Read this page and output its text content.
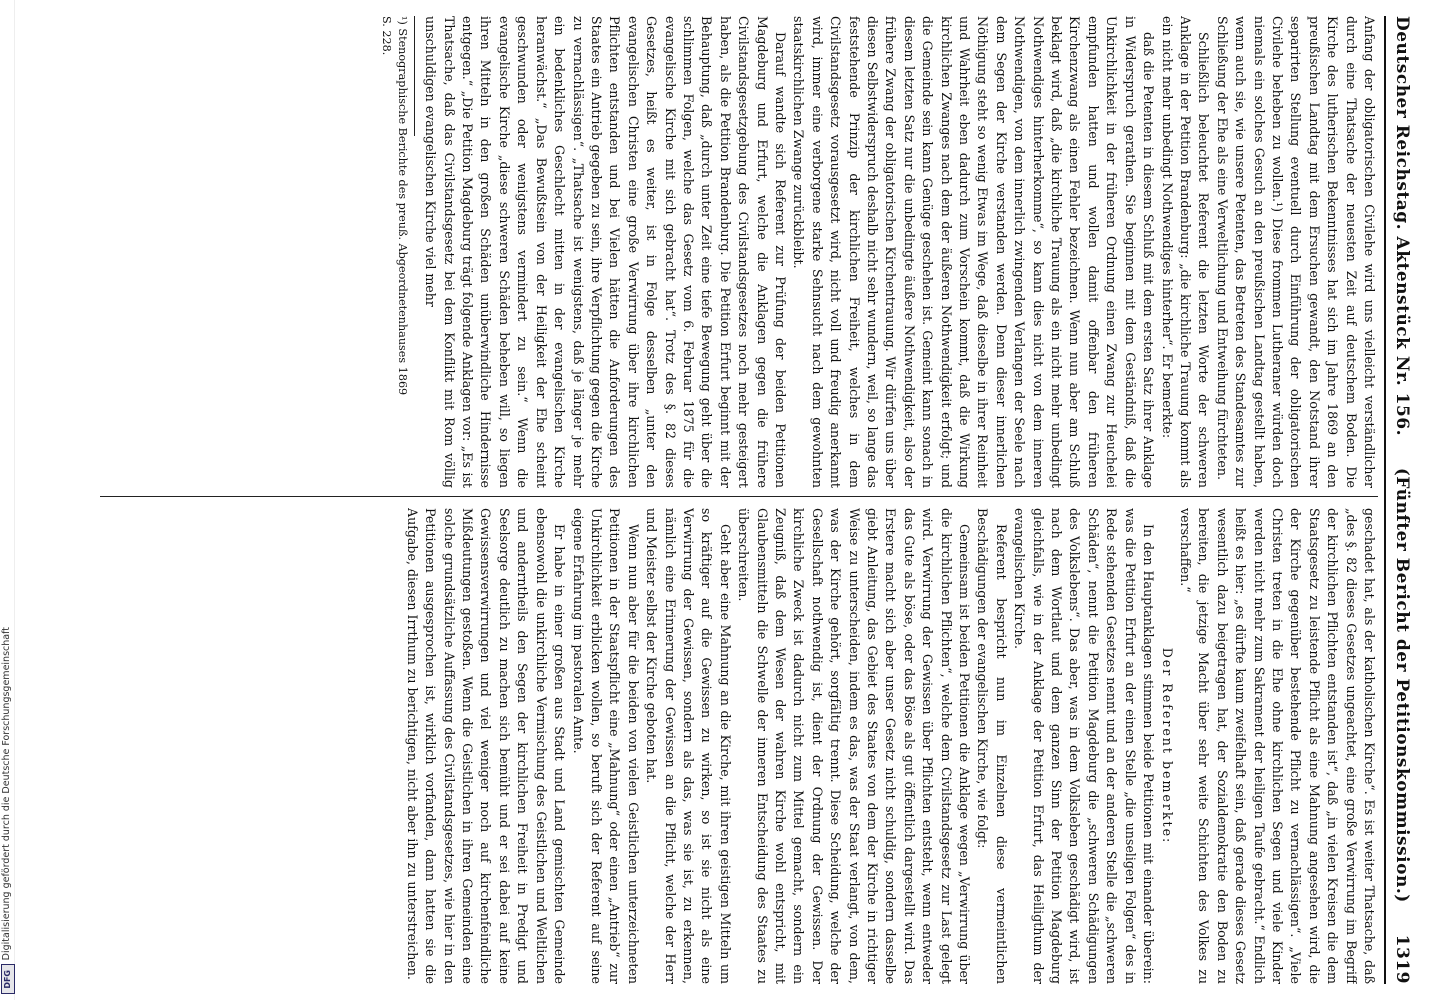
Deutscher Reichstag. Aktenstück Nr. 156.
(Fünfter Bericht der Petitionskommission.)
1319

Anfang der obligatorischen Civilehe wird uns vielleicht verständlicher durch eine Thatsache der neuesten Zeit auf deutschem Boden. Die Kirche des lutherischen Bekenntnisses hat sich im Jahre 1869 an den preußischen Landtag mit dem Ersuchen gewandt, den Notstand ihrer separirten Stellung eventuell durch Einführung der obligatorischen Civilehe beheben zu wollen.¹) Diese frommen Lutheraner würden doch niemals ein solches Gesuch an den preußischen Landtag gestellt haben, wenn auch sie, wie unsere Petenten, das Betreten des Standesamtes zur Schließung der Ehe als eine Verweltlichung und Entweihung fürchteten.

Schließlich beleuchtet Referent die letzten Worte der schweren Anklage in der Petition Brandenburg: „die kirchliche Trauung kommt als ein nicht mehr unbedingt Nothwendiges hinterher“. Er bemerkte:

daß die Petenten in diesem Schluß mit dem ersten Satz ihrer Anklage in Widerspruch gerathen. Sie beginnen mit dem Geständniß, daß die Unkirchlichkeit in der früheren Ordnung einen Zwang zur Heuchelei empfunden hatten und wollen damit offenbar den früheren Kirchenzwang als einen Fehler bezeichnen. Wenn nun aber am Schluß beklagt wird, daß „die kirchliche Trauung als ein nicht mehr unbedingt Nothwendiges hinterherkomme“, so kann dies nicht von dem inneren Nothwendigen, von dem innerlich zwingenden Verlangen der Seele nach dem Segen der Kirche verstanden werden. Denn dieser innerlichen Nöthigung steht so wenig Etwas im Wege, daß dieselbe in ihrer Reinheit und Wahrheit eben dadurch zum Vorschein kommt, daß die Wirkung kirchlichen Zwanges nach dem der äußeren Nothwendigkeit erfolgt; und die Gemeinde sein kann Genüge geschehen ist. Gemeint kann sonach in diesem letzten Satz nur die unbedingte äußere Nothwendigkeit, also der frühere Zwang der obligatorischen Kirchentrauung. Wir dürfen uns über diesen Selbstwiderspruch deshalb nicht sehr wundern, weil, so lange das feststehende Prinzip der kirchlichen Freiheit, welches in dem Civilstandsgesetz vorausgesetzt wird, nicht voll und freudig anerkannt wird, immer eine verborgene starke Sehnsucht nach dem gewohnten staatskirchlichen Zwange zurückbleibt.

Darauf wandte sich Referent zur Prüfung der beiden Petitionen Magdeburg und Erfurt, welche die Anklagen gegen die frühere Civilstandsgesetzgebung des Civilstandsgesetzes noch mehr gesteigert haben, als die Petition Brandenburg. Die Petition Erfurt beginnt mit der Behauptung, daß „durch unter Zeit eine tiefe Bewegung geht über die schlimmen Folgen, welche das Gesetz vom 6. Februar 1875 für die evangelische Kirche mit sich gebracht hat“. Trotz des §. 82 dieses Gesetzes, heißt es weiter, ist in Folge desselben „unter den evangelischen Christen eine große Verwirrung über ihre kirchlichen Pflichten entstanden und bei Vielen hätten die Anforderungen des Staates ein Antrieb gegeben zu sein, ihre Verpflichtung gegen die Kirche zu vernachlässigen“. „Thatsache ist wenigstens, daß je länger je mehr ein bedenkliches Geschlecht mitten in der evangelischen Kirche heranwächst.“ „Das Bewußtsein von der Heiligkeit der Ehe scheint geschwunden oder wenigstens vermindert zu sein.“ Wenn die evangelische Kirche „diese schweren Schäden beheben will, so liegen ihren Mitteln in den großen Schäden unüberwindliche Hindernisse entgegen.“ „Die Petition Magdeburg trägt folgende Anklagen vor: „Es ist Thatsache, daß das Civilstandsgesetz bei dem Konflikt mit Rom völlig unschuldigen evangelischen Kirche viel mehr

¹) Stenographische Berichte des preuß. Abgeordnetenhauses 1869

S. 228.

geschadet hat, als der katholischen Kirche“. Es ist weiter Thatsache, daß „des §. 82 dieses Gesetzes ungeachtet, eine große Verwirrung im Begriff der kirchlichen Pflichten entstanden ist“, daß „in vielen Kreisen die dem Staatsgesetz zu leistende Pflicht als eine Mahnung angesehen wird, die der Kirche gegenüber bestehende Pflicht zu vernachlässigen“. „Viele Christen treten in die Ehe ohne kirchlichen Segen und viele Kinder werden nicht mehr zum Sakrament der heiligen Taufe gebracht.“ Endlich heißt es hier: „es dürfte kaum zweifelhaft sein, daß gerade dieses Gesetz wesentlich dazu beigetragen hat, der Sozialdemokratie den Boden zu bereiten, die jetzige Macht über sehr weite Schichten des Volkes zu verschaffen.“

Der Referent bemerkte:

In den Hauptanklagen stimmen beide Petitionen mit einander überein: was die Petition Erfurt an der einen Stelle „die unseligen Folgen“ des in Rede stehenden Gesetzes nennt und an der anderen Stelle die „schweren Schäden“, nennt die Petition Magdeburg die „schweren Schädigungen des Volkslebens“. Das aber, was in dem Volksleben geschädigt wird, ist nach dem Wortlaut und dem ganzen Sinn der Petition Magdeburg gleichfalls, wie in der Anklage der Petition Erfurt, das Heiligthum der evangelischen Kirche.

Referent bespricht nun im Einzelnen diese vermeintlichen Beschädigungen der evangelischen Kirche, wie folgt:

Gemeinsam ist beiden Petitionen die Anklage wegen „Verwirrung über die kirchlichen Pflichten“, welche dem Civilstandsgesetz zur Last gelegt wird. Verwirrung der Gewissen über Pflichten entsteht, wenn entweder das Gute als böse, oder das Böse als gut öffentlich dargestellt wird. Das Erstere macht sich aber unser Gesetz nicht schuldig, sondern dasselbe giebt Anleitung, das Gebiet des Staates von dem der Kirche in richtiger Weise zu unterscheiden, indem es das, was der Staat verlangt, von dem, was der Kirche gehört, sorgfältig trennt. Diese Scheidung, welche der Gesellschaft nothwendig ist, dient der Ordnung der Gewissen. Der kirchliche Zweck ist dadurch nicht zum Mittel gemacht, sondern ein Zeugniß, daß dem Wesen der wahren Kirche wohl entspricht, mit Glaubensmitteln die Schwelle der inneren Entscheidung des Staates zu überschreiten.

Geht aber eine Mahnung an die Kirche, mit ihren geistigen Mitteln um so kräftiger auf die Gewissen zu wirken, so ist sie nicht als eine Verwirrung der Gewissen, sondern als das, was sie ist, zu erkennen, nämlich eine Erinnerung der Gewissen an die Pflicht, welche der Herr und Meister selbst der Kirche geboten hat.

Wenn nun aber für die beiden von vielen Geistlichen unterzeichneten Petitionen in der Staatspflicht eine „Mahnung“ oder einen „Antrieb“ zur Unkirchlichkeit erblicken wollen, so beruft sich der Referent auf seine eigene Erfahrung im pastoralen Amte.

Er habe in einer großen aus Stadt und Land gemischten Gemeinde ebensowohl die unkirchliche Vermischung des Geistlichen und Weltlichen und anderntheils den Segen der kirchlichen Freiheit in Predigt und Seelsorge deutlich zu machen sich bemüht und er sei dabei auf keine Gewissensverwirrungen und viel weniger noch auf kirchenfeindliche Mißdeutungen gestoßen. Wenn die Geistlichen in ihren Gemeinden eine solche grundsätzliche Auffassung des Civilstandsgesetzes, wie hier in den Petitionen ausgesprochen ist, wirklich vorfanden, dann hatten sie die Aufgabe, diesen Irrthum zu berichtigen, nicht aber ihn zu unterstreichen.

Digitalisierung gefördert durch die Deutsche Forschungsgemeinschaft
DFG
